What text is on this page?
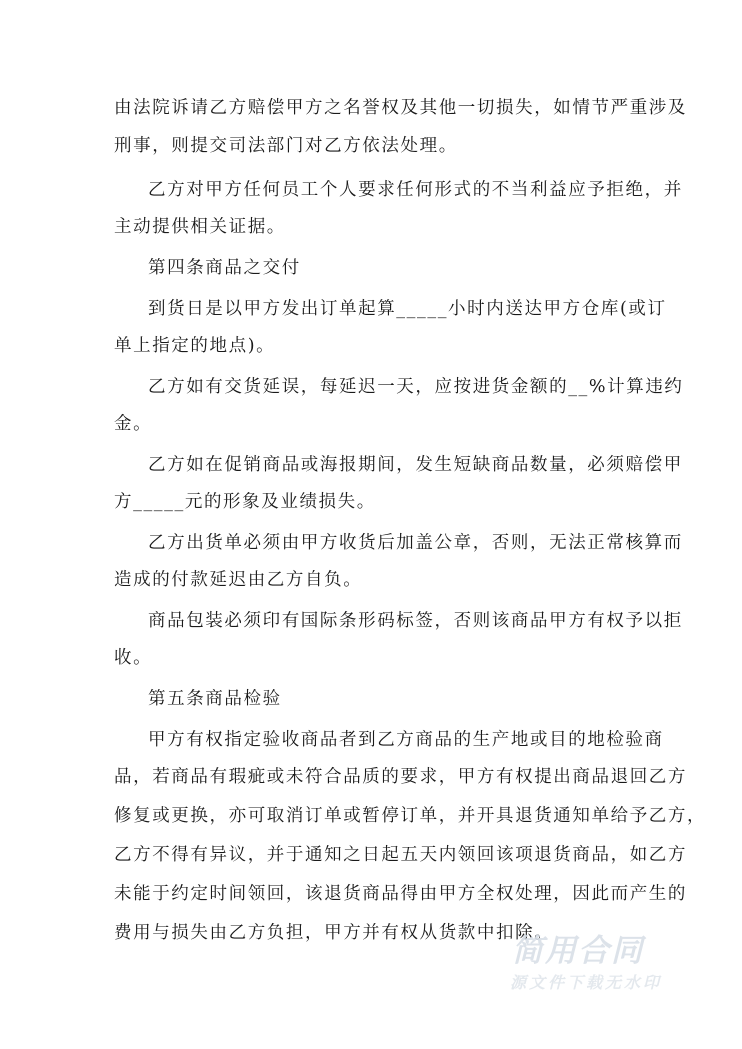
由法院诉请乙方赔偿甲方之名誉权及其他一切损失，如情节严重涉及
刑事，则提交司法部门对乙方依法处理。
乙方对甲方任何员工个人要求任何形式的不当利益应予拒绝，并
主动提供相关证据。
第四条商品之交付
到货日是以甲方发出订单起算_____小时内送达甲方仓库(或订
单上指定的地点)。
乙方如有交货延误，每延迟一天，应按进货金额的__%计算违约
金。
乙方如在促销商品或海报期间，发生短缺商品数量，必须赔偿甲
方_____元的形象及业绩损失。
乙方出货单必须由甲方收货后加盖公章，否则，无法正常核算而
造成的付款延迟由乙方自负。
商品包装必须印有国际条形码标签，否则该商品甲方有权予以拒
收。
第五条商品检验
甲方有权指定验收商品者到乙方商品的生产地或目的地检验商
品，若商品有瑕疵或未符合品质的要求，甲方有权提出商品退回乙方
修复或更换，亦可取消订单或暂停订单，并开具退货通知单给予乙方，
乙方不得有异议，并于通知之日起五天内领回该项退货商品，如乙方
未能于约定时间领回，该退货商品得由甲方全权处理，因此而产生的
费用与损失由乙方负担，甲方并有权从货款中扣除。
简用合同
源文件下载无水印
